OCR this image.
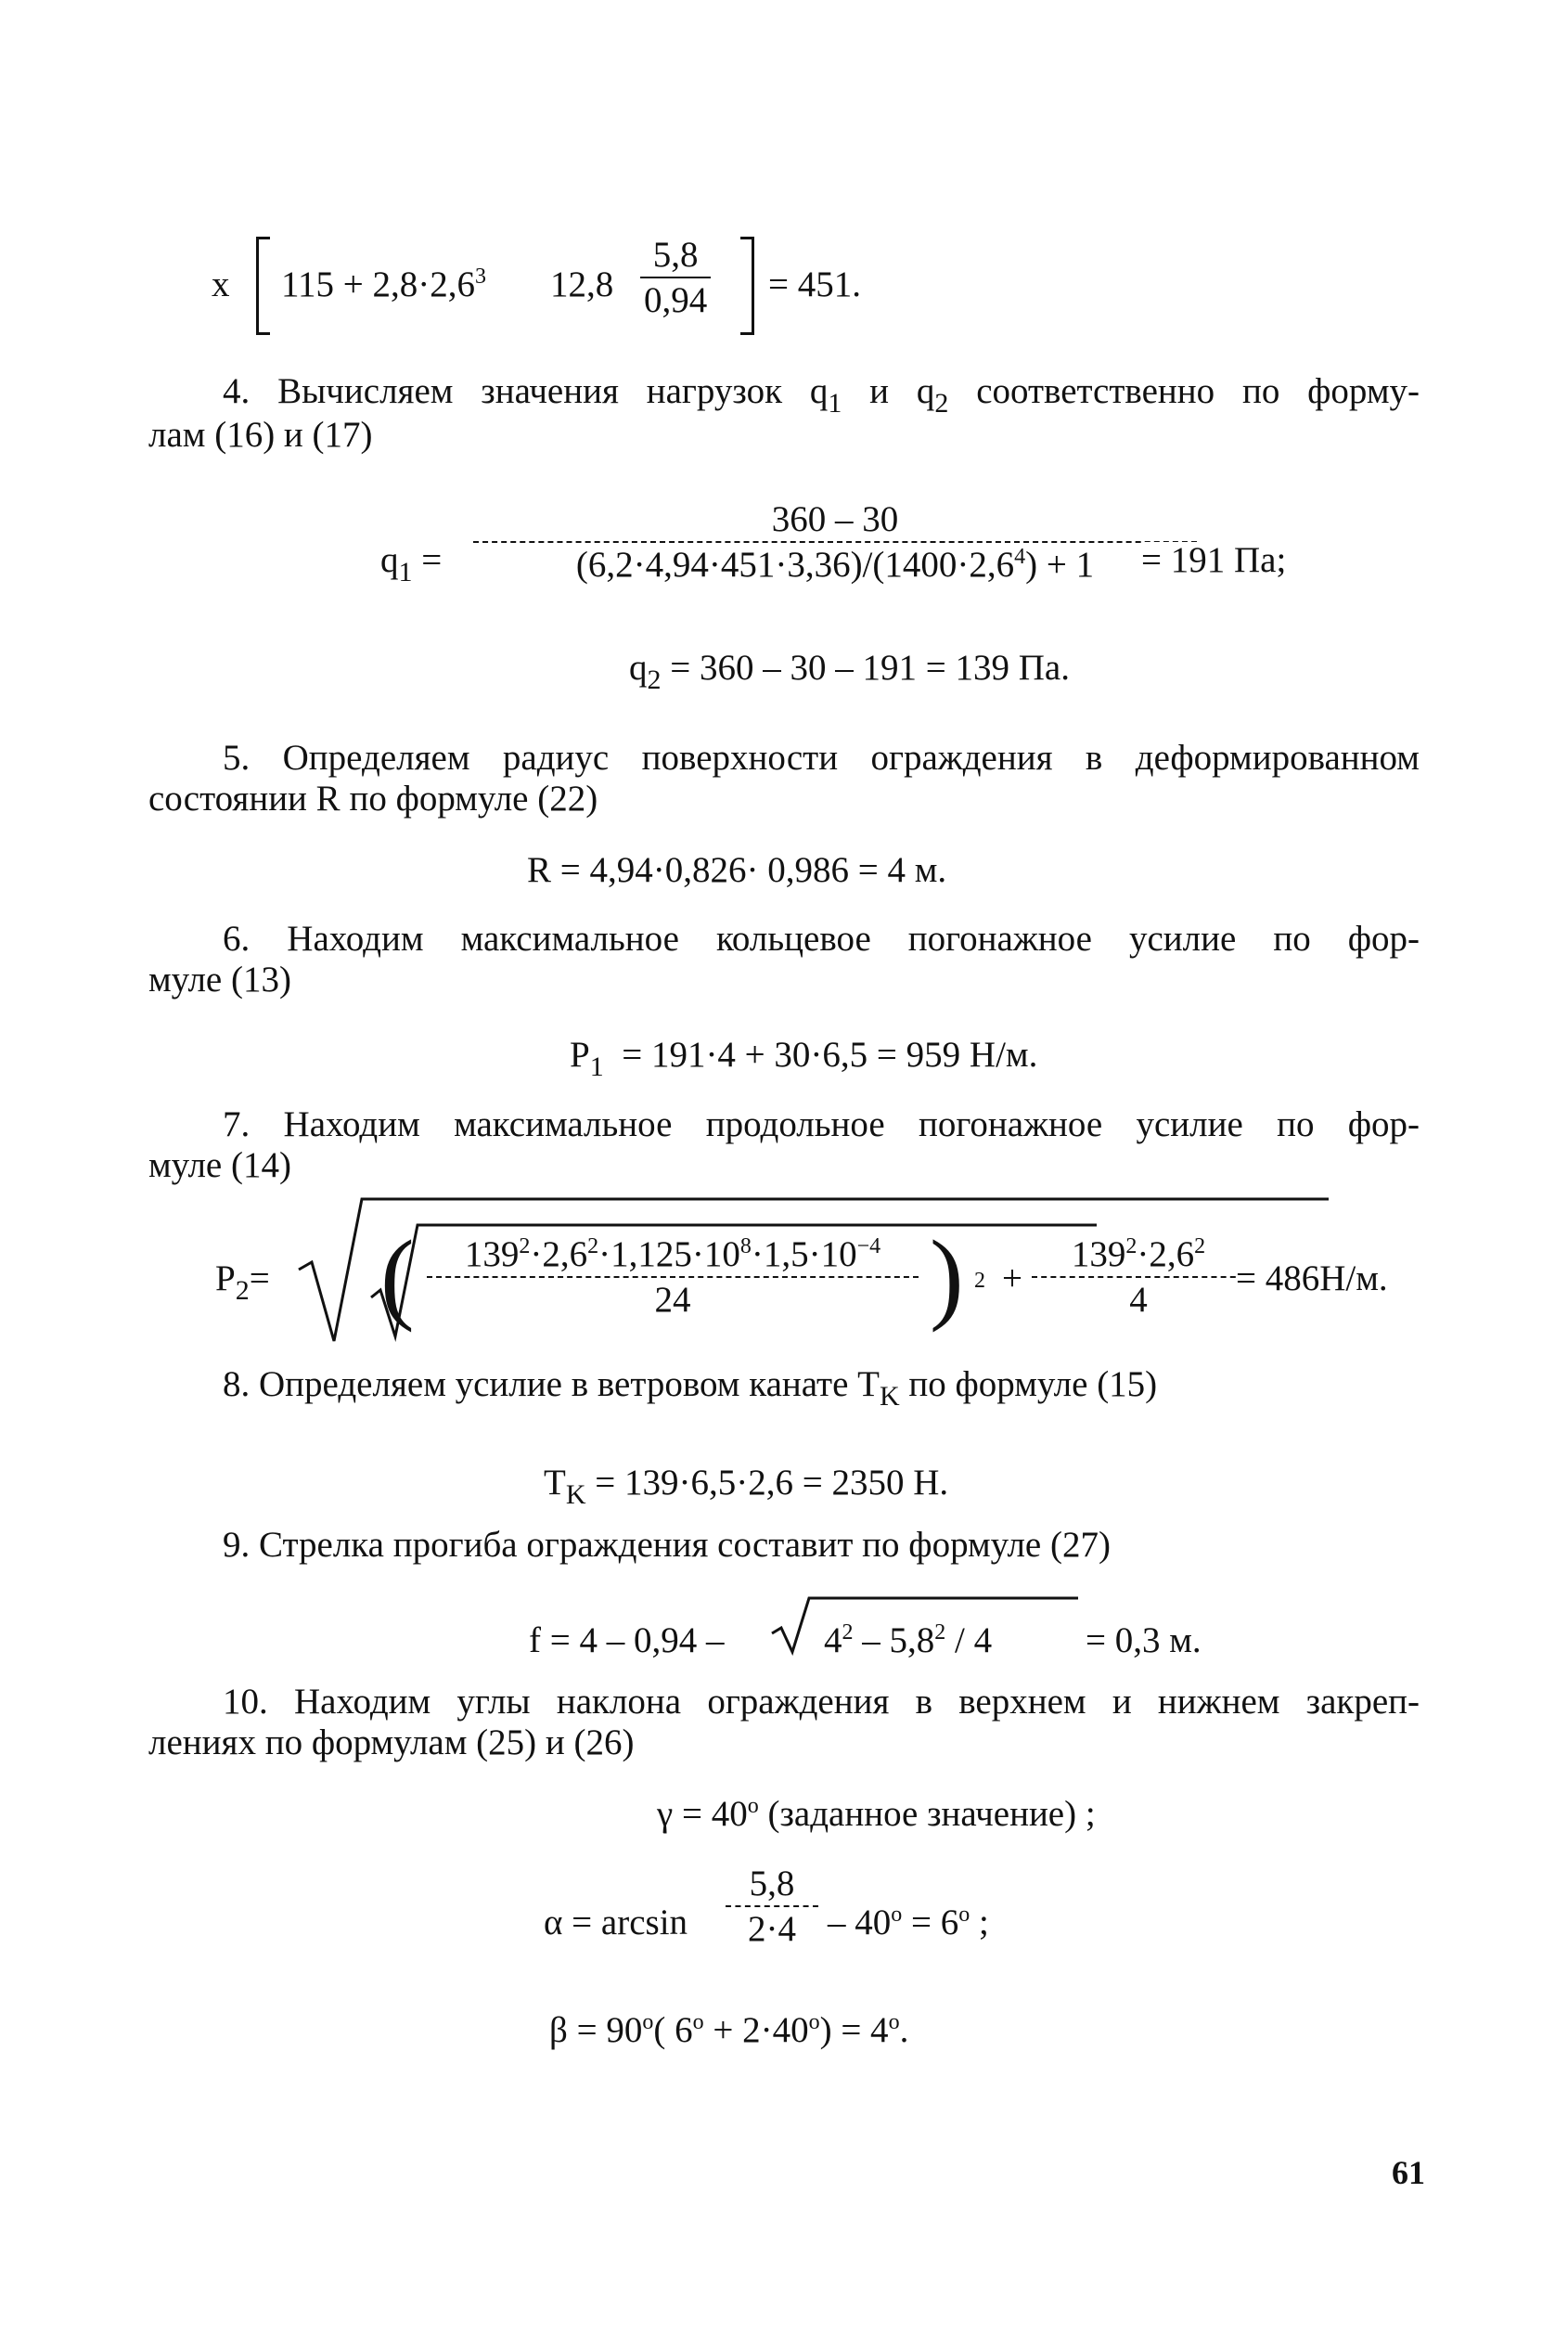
x $115 + 2,8\cdot 2,6^3$ 12,8
5,8
0,94 = 451.
4. Вычисляем значения нагрузок $q_1$ и $q_2$ соответственно по форму-
лам (16) и (17)
$q_1$ =
360 – 30
$(6,2\cdot 4,94\cdot 451\cdot 3,36)/(1400\cdot 2,6^4) + 1$	= 191 Па;
$q_2 = 360 - 30 - 191 = 139$ Па.
5. Определяем радиус поверхности ограждения в деформированном
состоянии R по формуле (22)
R = 4,94·0,826· 0,986 = 4 м.
6. Находим максимальное кольцевое погонажное усилие по фор-
муле (13)
$P_1 = 191\cdot 4 + 30\cdot 6,5 = 959$ Н/м.
7. Находим максимальное продольное погонажное усилие по фор-
муле (14)
$P_2=$ (	$139^2\cdot 2,6^2\cdot 1,125\cdot 10^8\cdot 1,5\cdot 10^{-4}$
24	) 2 +
$139^2\cdot 2,6^2$
4
= 486Н/м.
8. Определяем усилие в ветровом канате $T_K$ по формуле (15)
$T_K = 139\cdot 6,5\cdot 2,6 = 2350$ Н.
9. Стрелка прогиба ограждения составит по формуле (27)
f = 4 – 0,94 –	$4^2 - 5,8^2 / 4$	= 0,3 м.
10. Находим углы наклона ограждения в верхнем и нижнем закреп-
лениях по формулам (25) и (26)
$\gamma = 40^о$ (заданное значение) ;
α = arcsin
5,8
$2\cdot 4 - 40^о = 6^о$ ;
$\beta = 90^о$( $6^о + 2\cdot 40^о) = 4^о$.
61
